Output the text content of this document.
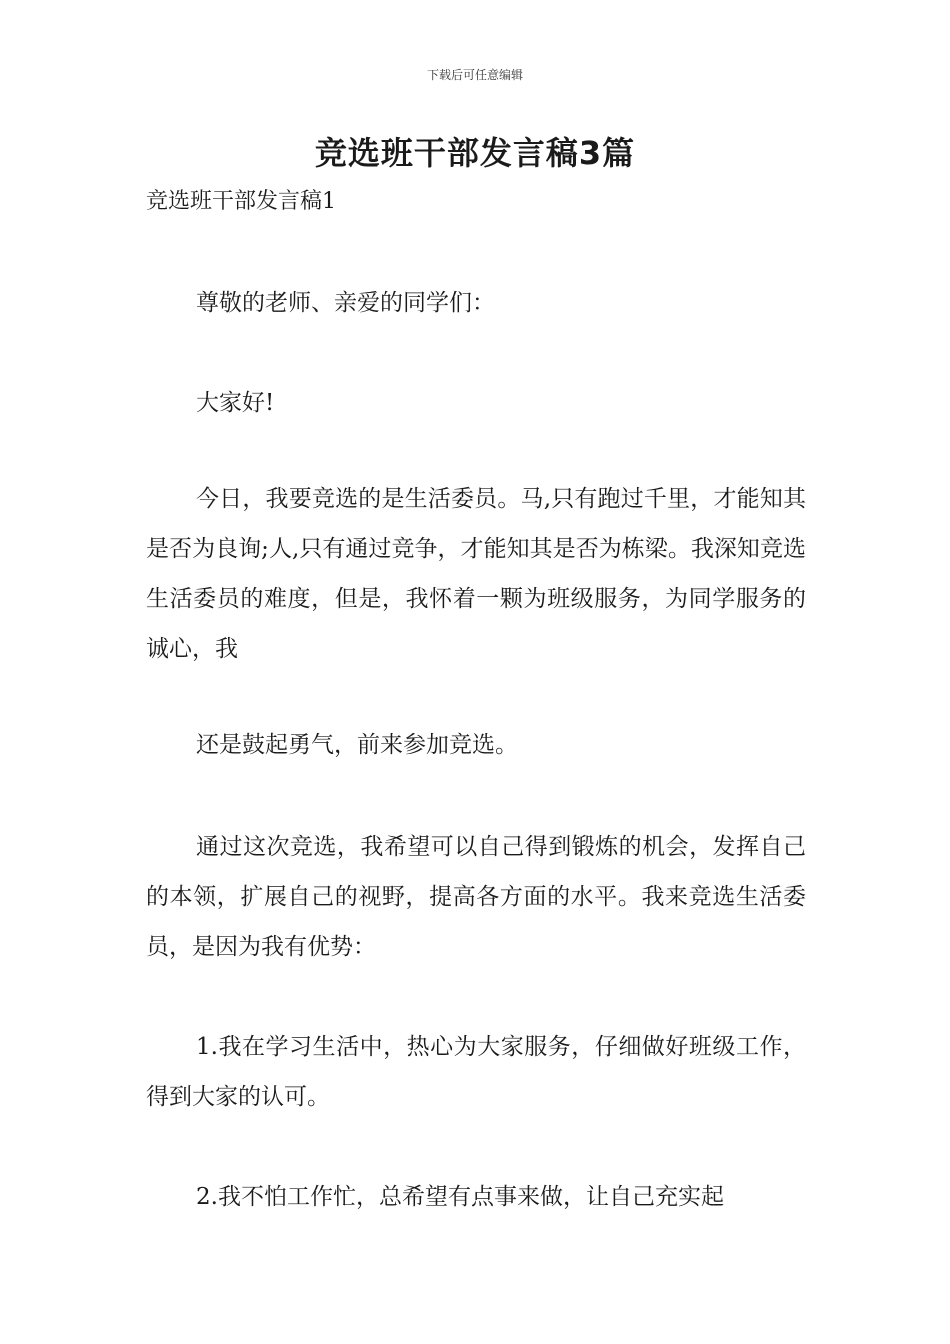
下载后可任意编辑
竞选班干部发言稿3篇

竞选班干部发言稿1

尊敬的老师、亲爱的同学们：

大家好!

今日，我要竞选的是生活委员。马,只有跑过千里，才能知其是否为良询;人,只有通过竞争，才能知其是否为栋梁。我深知竞选生活委员的难度，但是，我怀着一颗为班级服务，为同学服务的诚心，我

还是鼓起勇气，前来参加竞选。

通过这次竞选，我希望可以自己得到锻炼的机会，发挥自己的本领，扩展自己的视野，提高各方面的水平。我来竞选生活委员，是因为我有优势：

1.我在学习生活中，热心为大家服务，仔细做好班级工作，得到大家的认可。

2.我不怕工作忙，总希望有点事来做，让自己充实起
